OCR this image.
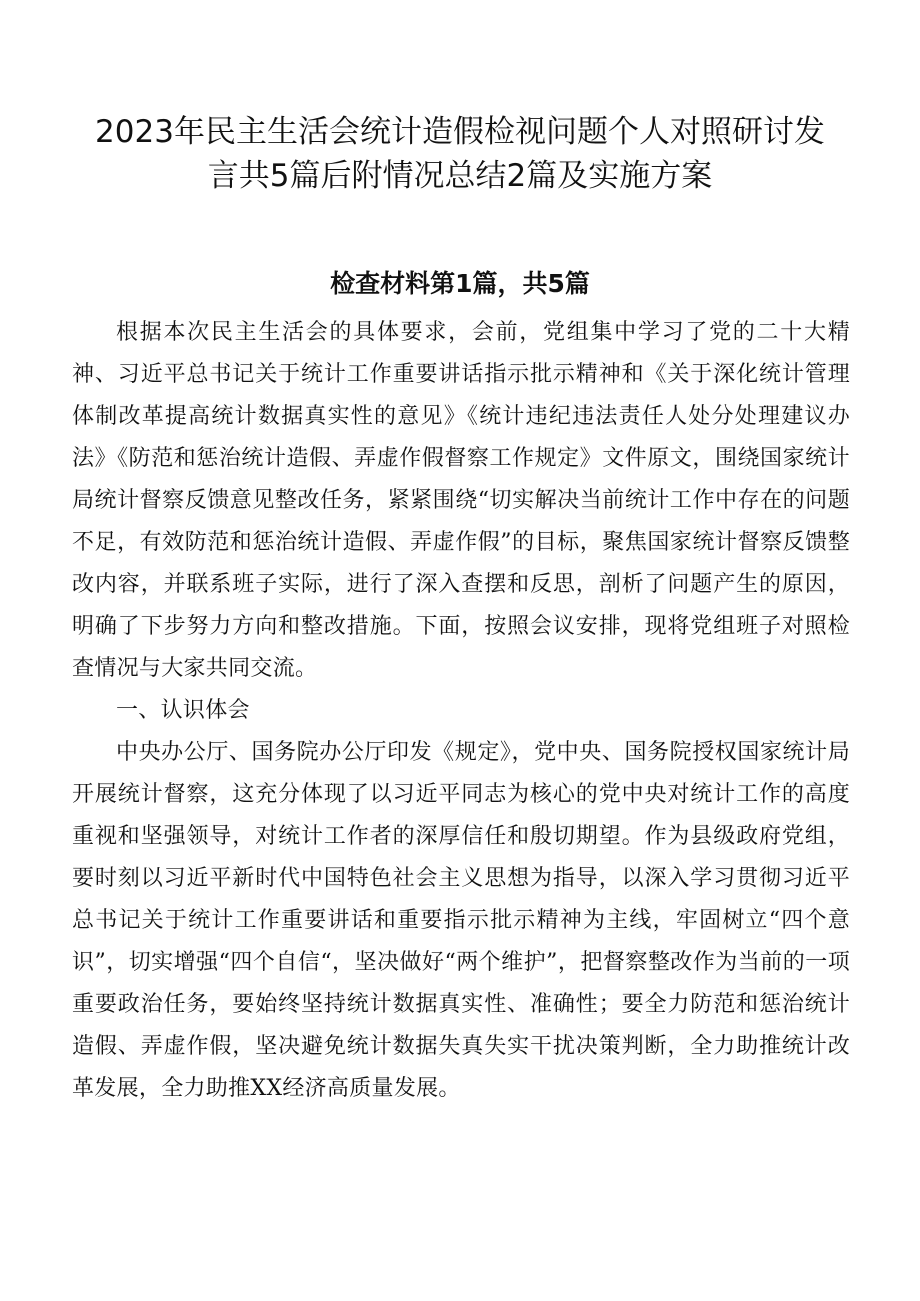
2023年民主生活会统计造假检视问题个人对照研讨发
言共5篇后附情况总结2篇及实施方案
检查材料第1篇，共5篇

根据本次民主生活会的具体要求，会前，党组集中学习了党的二十大精神、习近平总书记关于统计工作重要讲话指示批示精神和《关于深化统计管理体制改革提高统计数据真实性的意见》《统计违纪违法责任人处分处理建议办法》《防范和惩治统计造假、弄虚作假督察工作规定》文件原文，围绕国家统计局统计督察反馈意见整改任务，紧紧围绕“切实解决当前统计工作中存在的问题不足，有效防范和惩治统计造假、弄虚作假”的目标，聚焦国家统计督察反馈整改内容，并联系班子实际，进行了深入查摆和反思，剖析了问题产生的原因，明确了下步努力方向和整改措施。下面，按照会议安排，现将党组班子对照检查情况与大家共同交流。

一、认识体会

中央办公厅、国务院办公厅印发《规定》，党中央、国务院授权国家统计局开展统计督察，这充分体现了以习近平同志为核心的党中央对统计工作的高度重视和坚强领导，对统计工作者的深厚信任和殷切期望。作为县级政府党组，要时刻以习近平新时代中国特色社会主义思想为指导，以深入学习贯彻习近平总书记关于统计工作重要讲话和重要指示批示精神为主线，牢固树立“四个意识”，切实增强“四个自信“，坚决做好“两个维护”，把督察整改作为当前的一项重要政治任务，要始终坚持统计数据真实性、准确性；要全力防范和惩治统计造假、弄虚作假，坚决避免统计数据失真失实干扰决策判断，全力助推统计改革发展，全力助推XX经济高质量发展。
